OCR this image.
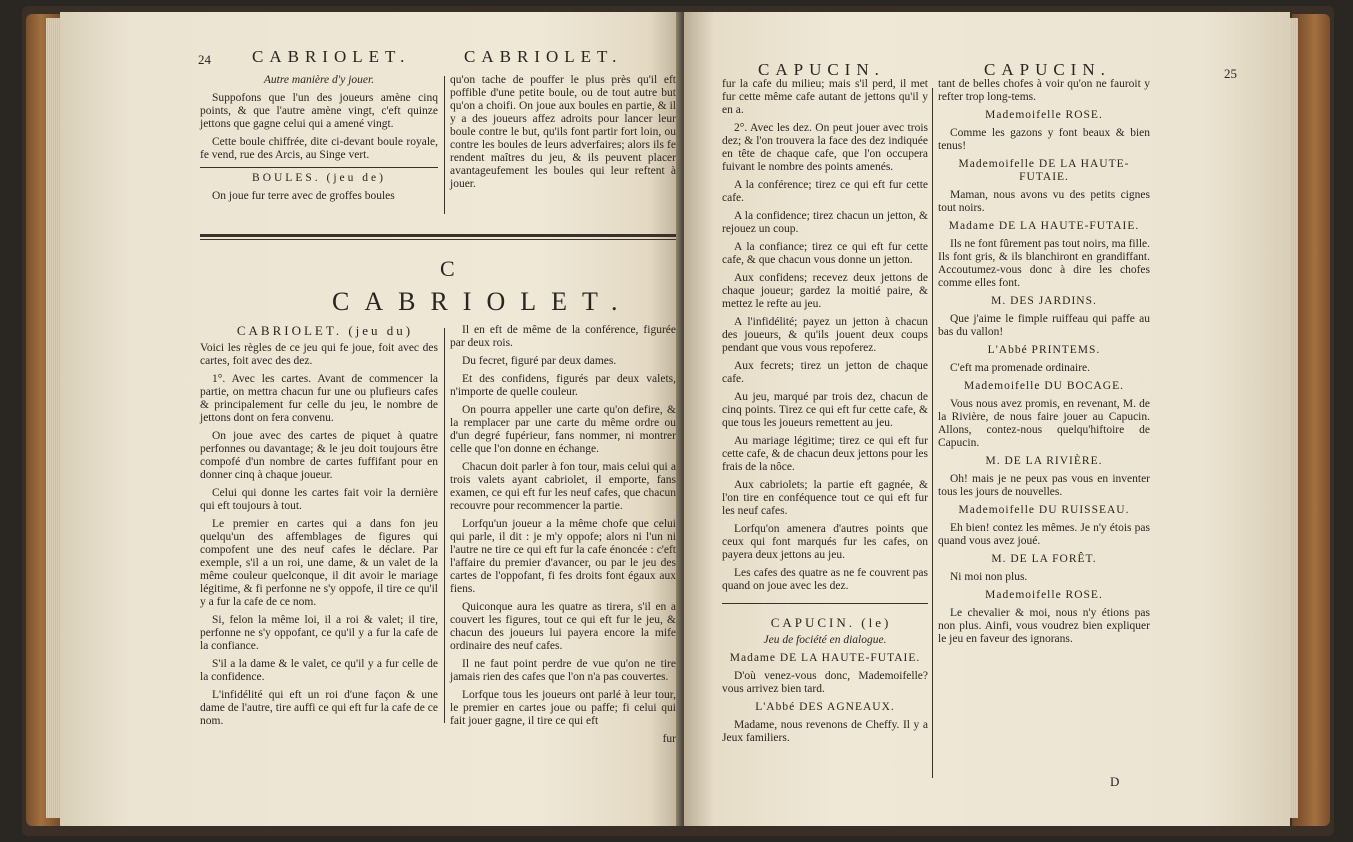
24 CABRIOLET.	CABRIOLET.

Autre manière d'y jouer.

Suppofons que l'un des joueurs amène cinq points, & que l'autre amène vingt, c'eft quinze jettons que gagne celui qui a amené vingt.

Cette boule chiffrée, dite ci-devant boule royale, fe vend, rue des Arcis, au Singe vert.

BOULES. (jeu de)

On joue fur terre avec de groffes boules

qu'on tache de pouffer le plus près qu'il eft poffible d'une petite boule, ou de tout autre but qu'on a choifi. On joue aux boules en partie, & il y a des joueurs affez adroits pour lancer leur boule contre le but, qu'ils font partir fort loin, ou contre les boules de leurs adverfaires; alors ils fe rendent maîtres du jeu, & ils peuvent placer avantageufement les boules qui leur reftent à jouer.

C
CABRIOLET.

CABRIOLET. (jeu du)

Voici les règles de ce jeu qui fe joue, foit avec des cartes, foit avec des dez.

1°. Avec les cartes. Avant de commencer la partie, on mettra chacun fur une ou plufieurs cafes & principalement fur celle du jeu, le nombre de jettons dont on fera convenu.

On joue avec des cartes de piquet à quatre perfonnes ou davantage; & le jeu doit toujours être compofé d'un nombre de cartes fuffifant pour en donner cinq à chaque joueur.

Celui qui donne les cartes fait voir la dernière qui eft toujours à tout.

Le premier en cartes qui a dans fon jeu quelqu'un des affemblages de figures qui compofent une des neuf cafes le déclare. Par exemple, s'il a un roi, une dame, & un valet de la même couleur quelconque, il dit avoir le mariage légitime, & fi perfonne ne s'y oppofe, il tire ce qu'il y a fur la cafe de ce nom.

Si, felon la même loi, il a roi & valet; il tire, perfonne ne s'y oppofant, ce qu'il y a fur la cafe de la confiance.

S'il a la dame & le valet, ce qu'il y a fur celle de la confidence.

L'infidélité qui eft un roi d'une façon & une dame de l'autre, tire auffi ce qui eft fur la cafe de ce nom.

Il en eft de même de la conférence, figurée par deux rois.

Du fecret, figuré par deux dames.

Et des confidens, figurés par deux valets, n'importe de quelle couleur.

On pourra appeller une carte qu'on defire, & la remplacer par une carte du même ordre ou d'un degré fupérieur, fans nommer, ni montrer celle que l'on donne en échange.

Chacun doit parler à fon tour, mais celui qui a trois valets ayant cabriolet, il emporte, fans examen, ce qui eft fur les neuf cafes, que chacun recouvre pour recommencer la partie.

Lorfqu'un joueur a la même chofe que celui qui parle, il dit : je m'y oppofe; alors ni l'un ni l'autre ne tire ce qui eft fur la cafe énoncée : c'eft l'affaire du premier d'avancer, ou par le jeu des cartes de l'oppofant, fi fes droits font égaux aux fiens.

Quiconque aura les quatre as tirera, s'il en a couvert les figures, tout ce qui eft fur le jeu, & chacun des joueurs lui payera encore la mife ordinaire des neuf cafes.

Il ne faut point perdre de vue qu'on ne tire jamais rien des cafes que l'on n'a pas couvertes.

Lorfque tous les joueurs ont parlé à leur tour, le premier en cartes joue ou paffe; fi celui qui fait jouer gagne, il tire ce qui eft

fur

CAPUCIN.	CAPUCIN.	25

fur la cafe du milieu; mais s'il perd, il met fur cette même cafe autant de jettons qu'il y en a.

2°. Avec les dez. On peut jouer avec trois dez; & l'on trouvera la face des dez indiquée en tête de chaque cafe, que l'on occupera fuivant le nombre des points amenés.

A la conférence; tirez ce qui eft fur cette cafe.

A la confidence; tirez chacun un jetton, & rejouez un coup.

A la confiance; tirez ce qui eft fur cette cafe, & que chacun vous donne un jetton.

Aux confidens; recevez deux jettons de chaque joueur; gardez la moitié paire, & mettez le refte au jeu.

A l'infidélité; payez un jetton à chacun des joueurs, & qu'ils jouent deux coups pendant que vous vous repoferez.

Aux fecrets; tirez un jetton de chaque cafe.

Au jeu, marqué par trois dez, chacun de cinq points. Tirez ce qui eft fur cette cafe, & que tous les joueurs remettent au jeu.

Au mariage légitime; tirez ce qui eft fur cette cafe, & de chacun deux jettons pour les frais de la nôce.

Aux cabriolets; la partie eft gagnée, & l'on tire en conféquence tout ce qui eft fur les neuf cafes.

Lorfqu'on amenera d'autres points que ceux qui font marqués fur les cafes, on payera deux jettons au jeu.

Les cafes des quatre as ne fe couvrent pas quand on joue avec les dez.

CAPUCIN. (le)

Jeu de fociété en dialogue.

Madame DE LA HAUTE-FUTAIE.

D'où venez-vous donc, Mademoifelle? vous arrivez bien tard.

L'Abbé DES AGNEAUX.

Madame, nous revenons de Cheffy. Il y a Jeux familiers.

tant de belles chofes à voir qu'on ne fauroit y refter trop long-tems.

Mademoifelle ROSE.

Comme les gazons y font beaux & bien tenus!

Mademoifelle DE LA HAUTE-FUTAIE.

Maman, nous avons vu des petits cignes tout noirs.

Madame DE LA HAUTE-FUTAIE.

Ils ne font fûrement pas tout noirs, ma fille. Ils font gris, & ils blanchiront en grandiffant. Accoutumez-vous donc à dire les chofes comme elles font.

M. DES JARDINS.

Que j'aime le fimple ruiffeau qui paffe au bas du vallon!

L'Abbé PRINTEMS.

C'eft ma promenade ordinaire.

Mademoifelle DU BOCAGE.

Vous nous avez promis, en revenant, M. de la Rivière, de nous faire jouer au Capucin. Allons, contez-nous quelqu'hiftoire de Capucin.

M. DE LA RIVIÈRE.

Oh! mais je ne peux pas vous en inventer tous les jours de nouvelles.

Mademoifelle DU RUISSEAU.

Eh bien! contez les mêmes. Je n'y étois pas quand vous avez joué.

M. DE LA FORÊT.

Ni moi non plus.

Mademoifelle ROSE.

Le chevalier & moi, nous n'y étions pas non plus. Ainfi, vous voudrez bien expliquer le jeu en faveur des ignorans.

D
